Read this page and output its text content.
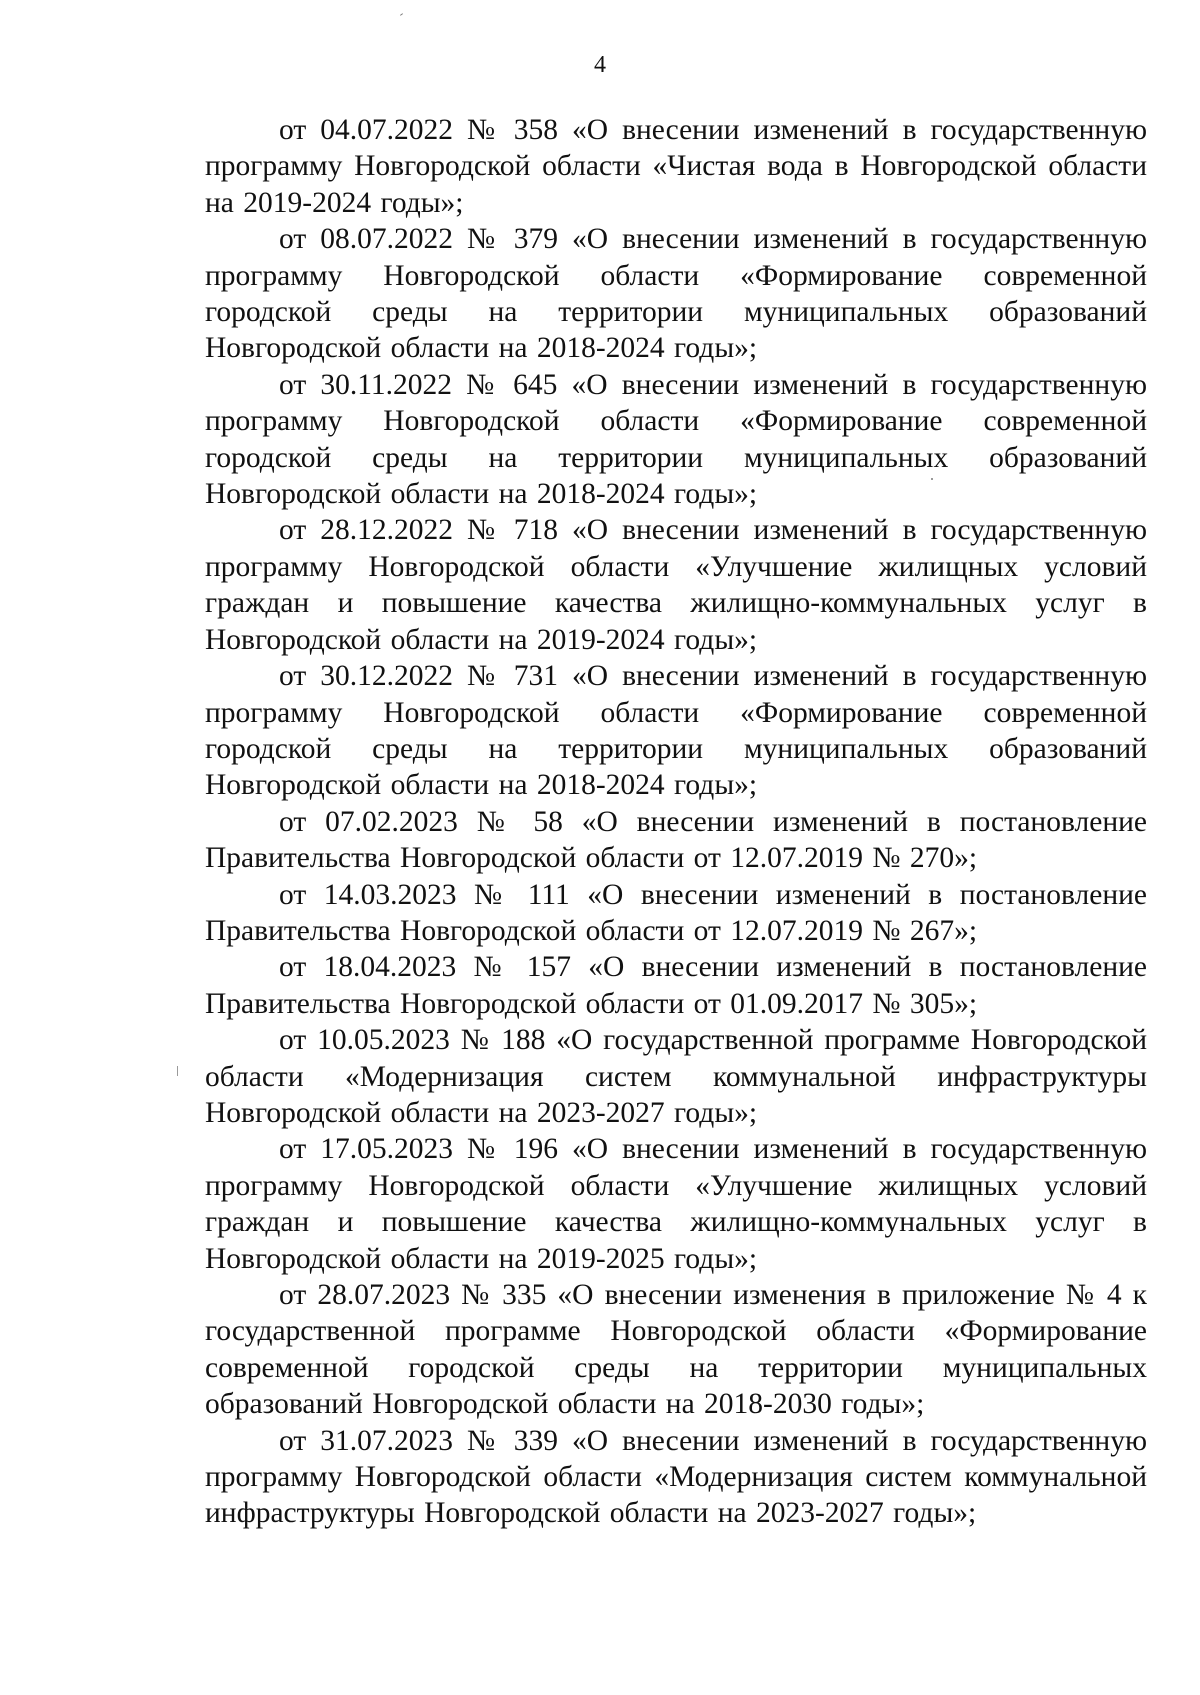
4

от 04.07.2022 № 358 «О внесении изменений в государственную программу Новгородской области «Чистая вода в Новгородской области на 2019-2024 годы»;

от 08.07.2022 № 379 «О внесении изменений в государственную программу Новгородской области «Формирование современной городской среды на территории муниципальных образований Новгородской области на 2018-2024 годы»;

от 30.11.2022 № 645 «О внесении изменений в государственную программу Новгородской области «Формирование современной городской среды на территории муниципальных образований Новгородской области на 2018-2024 годы»;

от 28.12.2022 № 718 «О внесении изменений в государственную программу Новгородской области «Улучшение жилищных условий граждан и повышение качества жилищно-коммунальных услуг в Новгородской области на 2019-2024 годы»;

от 30.12.2022 № 731 «О внесении изменений в государственную программу Новгородской области «Формирование современной городской среды на территории муниципальных образований Новгородской области на 2018-2024 годы»;

от 07.02.2023 № 58 «О внесении изменений в постановление Правительства Новгородской области от 12.07.2019 № 270»;

от 14.03.2023 № 111 «О внесении изменений в постановление Правительства Новгородской области от 12.07.2019 № 267»;

от 18.04.2023 № 157 «О внесении изменений в постановление Правительства Новгородской области от 01.09.2017 № 305»;

от 10.05.2023 № 188 «О государственной программе Новгородской области «Модернизация систем коммунальной инфраструктуры Новгородской области на 2023-2027 годы»;

от 17.05.2023 № 196 «О внесении изменений в государственную программу Новгородской области «Улучшение жилищных условий граждан и повышение качества жилищно-коммунальных услуг в Новгородской области на 2019-2025 годы»;

от 28.07.2023 № 335 «О внесении изменения в приложение № 4 к государственной программе Новгородской области «Формирование современной городской среды на территории муниципальных образований Новгородской области на 2018-2030 годы»;

от 31.07.2023 № 339 «О внесении изменений в государственную программу Новгородской области «Модернизация систем коммунальной инфраструктуры Новгородской области на 2023-2027 годы»;
